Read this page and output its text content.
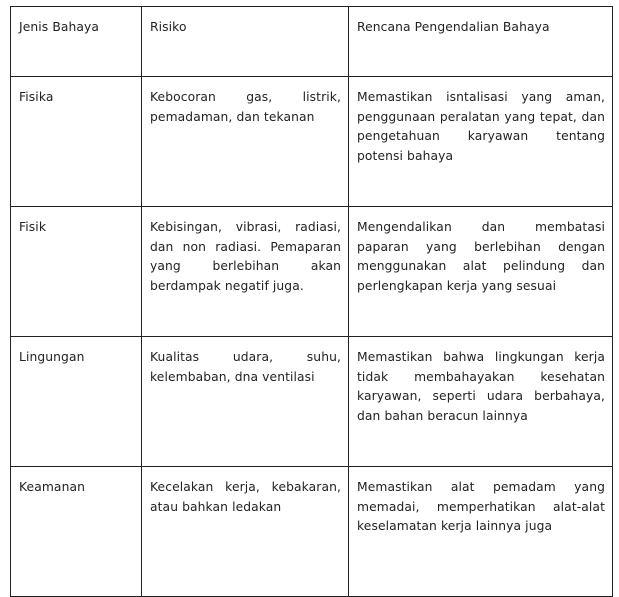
Jenis Bahaya	Risiko	Rencana Pengendalian Bahaya
Fisika	Kebocoran gas, listrik, pemadaman, dan tekanan	Memastikan isntalisasi yang aman, penggunaan peralatan yang tepat, dan pengetahuan karyawan tentang potensi bahaya
Fisik	Kebisingan, vibrasi, radiasi, dan non radiasi. Pemaparan yang berlebihan akan berdampak negatif juga.	Mengendalikan dan membatasi paparan yang berlebihan dengan menggunakan alat pelindung dan perlengkapan kerja yang sesuai
Lingungan	Kualitas udara, suhu, kelembaban, dna ventilasi	Memastikan bahwa lingkungan kerja tidak membahayakan kesehatan karyawan, seperti udara berbahaya, dan bahan beracun lainnya
Keamanan	Kecelakan kerja, kebakaran, atau bahkan ledakan	Memastikan alat pemadam yang memadai, memperhatikan alat-alat keselamatan kerja lainnya juga
